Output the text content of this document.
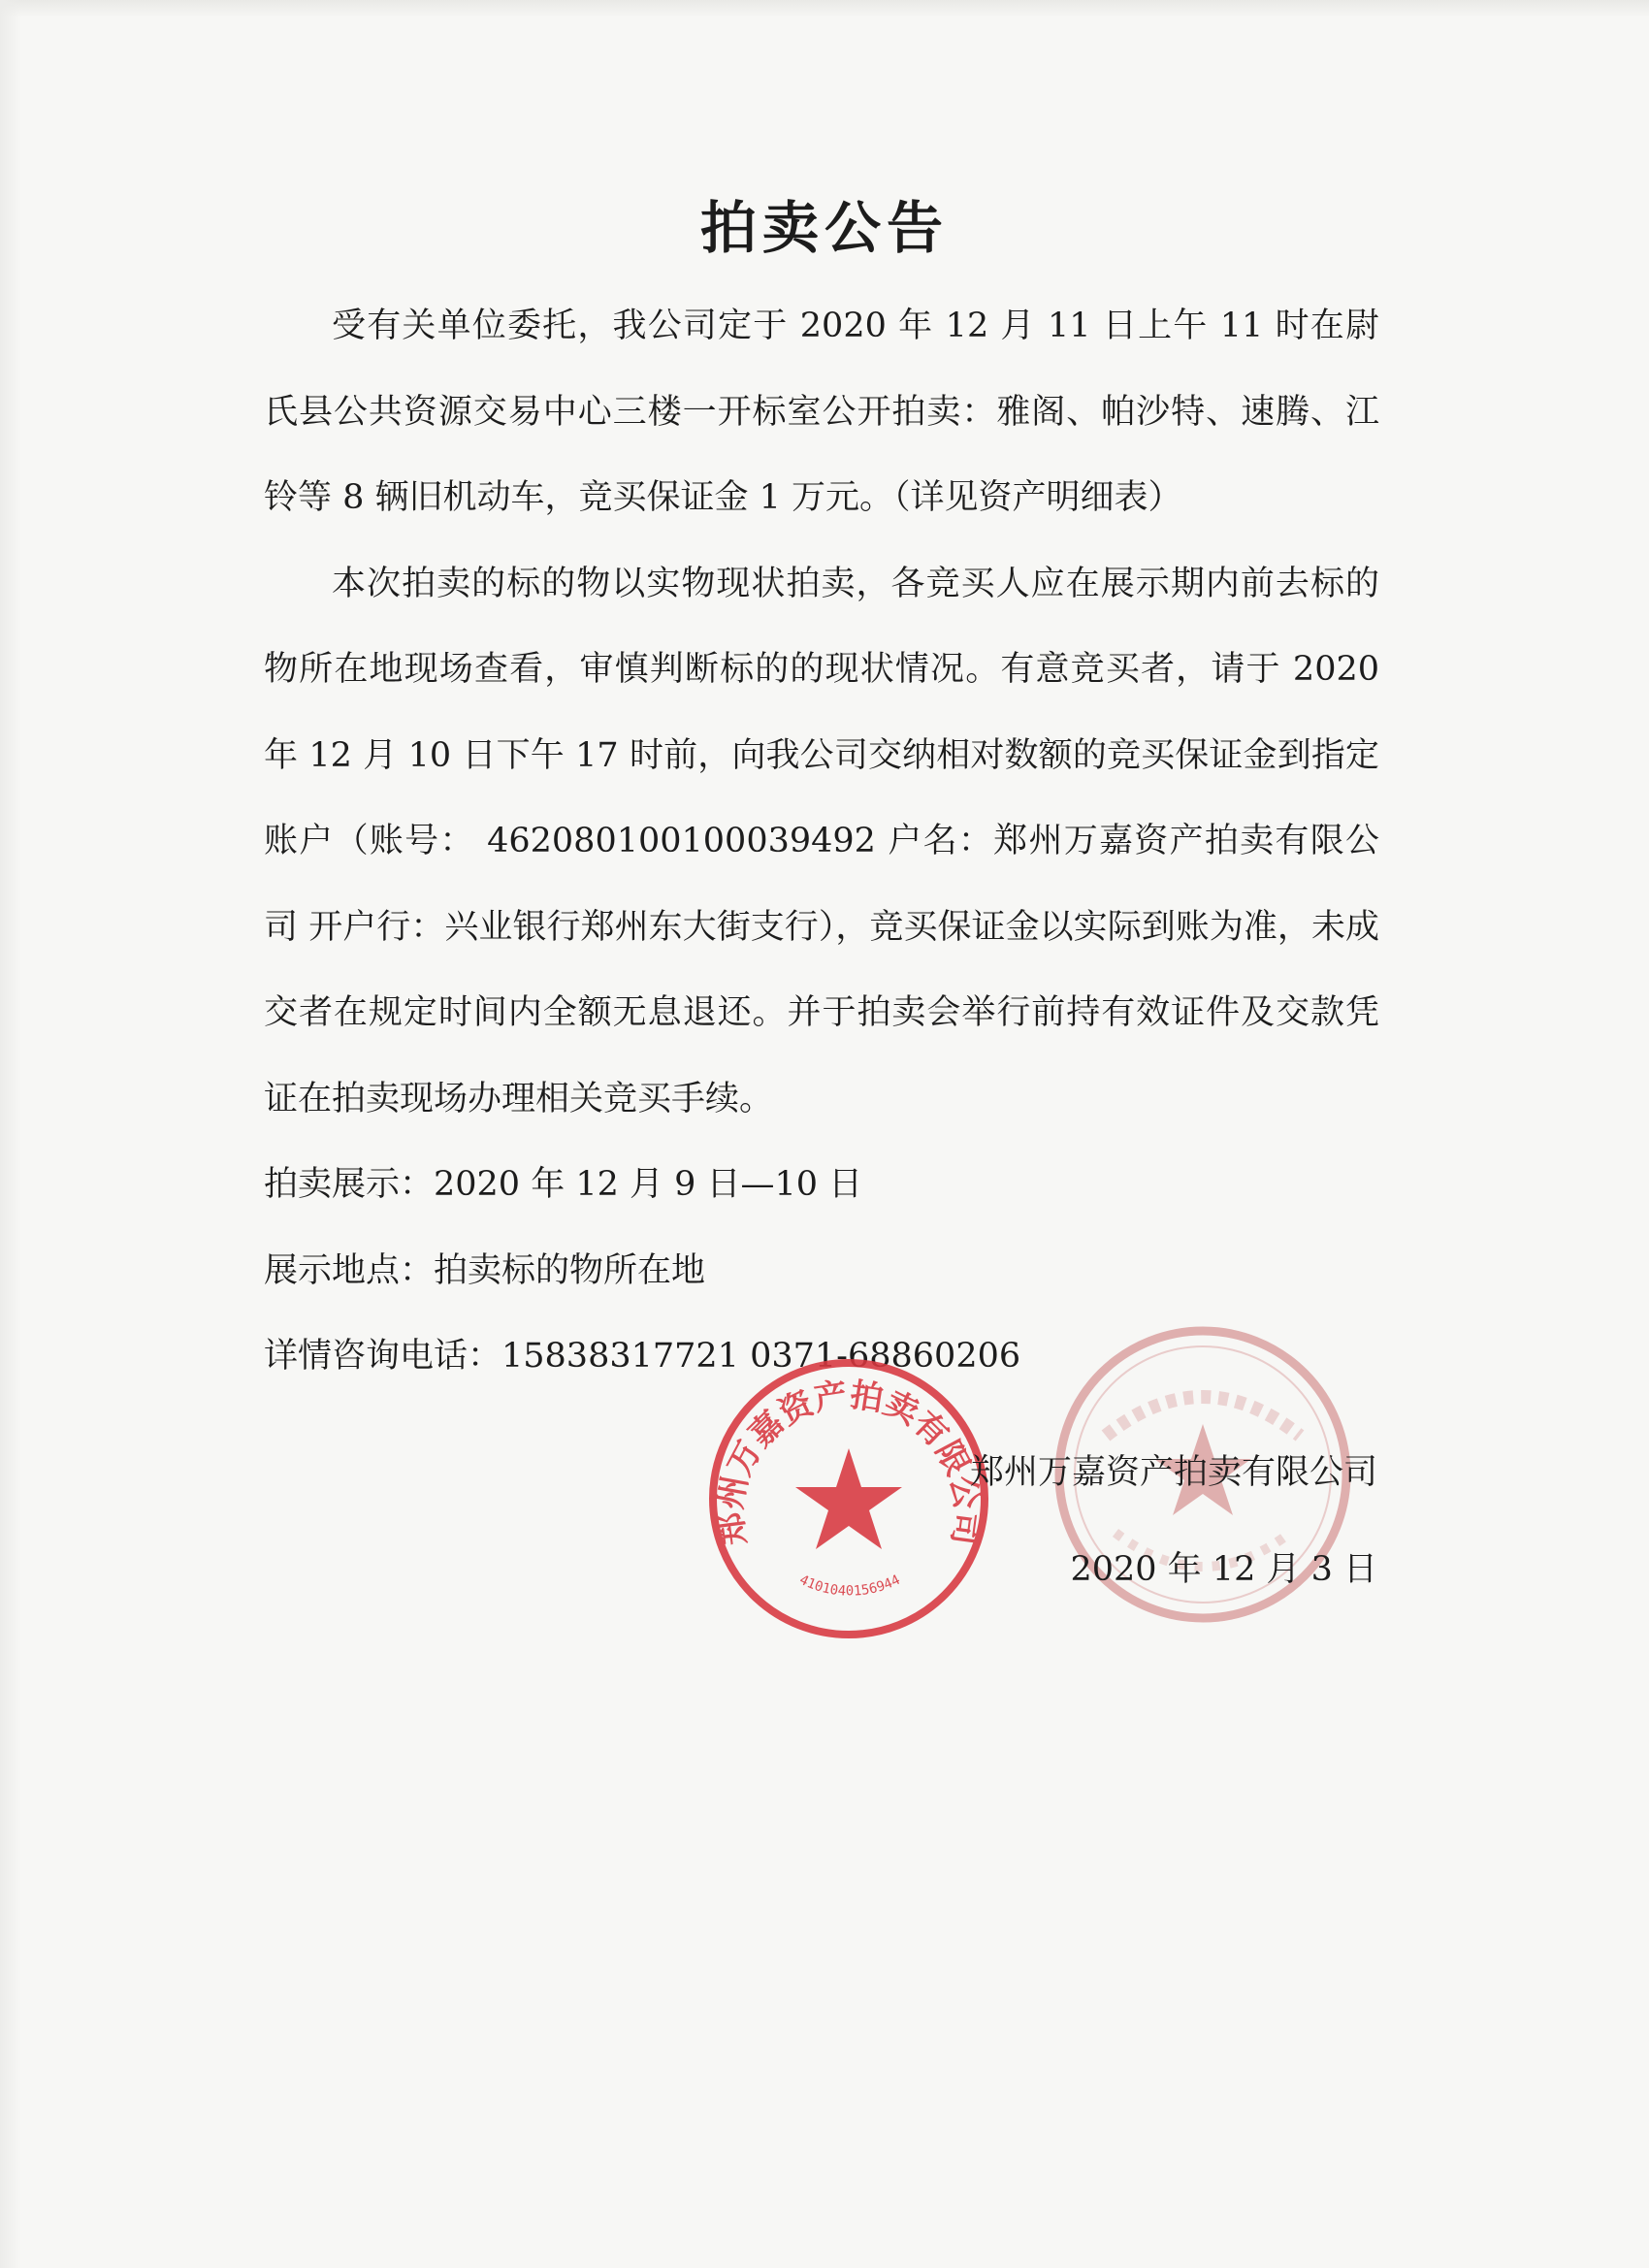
拍卖公告

受有关单位委托，我公司定于 2020 年 12 月 11 日上午 11 时在尉氏县公共资源交易中心三楼一开标室公开拍卖：雅阁、帕沙特、速腾、江铃等 8 辆旧机动车，竞买保证金 1 万元。（详见资产明细表）

本次拍卖的标的物以实物现状拍卖，各竞买人应在展示期内前去标的物所在地现场查看，审慎判断标的的现状情况。有意竞买者，请于 2020 年 12 月 10 日下午 17 时前，向我公司交纳相对数额的竞买保证金到指定账户（账号： 462080100100039492 户名：郑州万嘉资产拍卖有限公司 开户行：兴业银行郑州东大街支行），竞买保证金以实际到账为准，未成交者在规定时间内全额无息退还。并于拍卖会举行前持有效证件及交款凭证在拍卖现场办理相关竞买手续。

拍卖展示：2020 年 12 月 9 日—10 日

展示地点：拍卖标的物所在地

详情咨询电话：15838317721 0371-68860206

郑州万嘉资产拍卖有限公司
4101040156944
郑州万嘉资产拍卖有限公司
2020 年 12 月 3 日
